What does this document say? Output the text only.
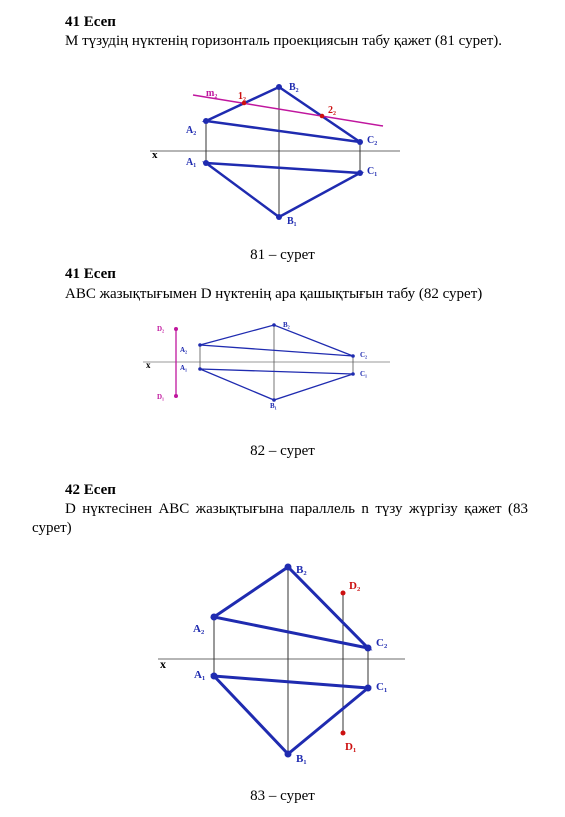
41 Есеп
М түзудің нүктенің горизонталь проекциясын табу қажет (81 сурет).
81 – сурет
41 Есеп
АВС жазықтығымен D нүктенің ара қашықтығын табу (82 сурет)
82 – сурет
42 Есеп
D нүктесінен АВС жазықтығына параллель n түзу жүргізу қажет (83 сурет)
83 – сурет
x
m₂ 1₂
2₂
A₂
B₂
C₂
A₁
B₁
C₁
x
D₂
D₁
A₂
B₂
C₂
A₁
B₁
C₁
x
A₂
B₂
C₂
D₂
A₁
B₁
C₁
D₁
